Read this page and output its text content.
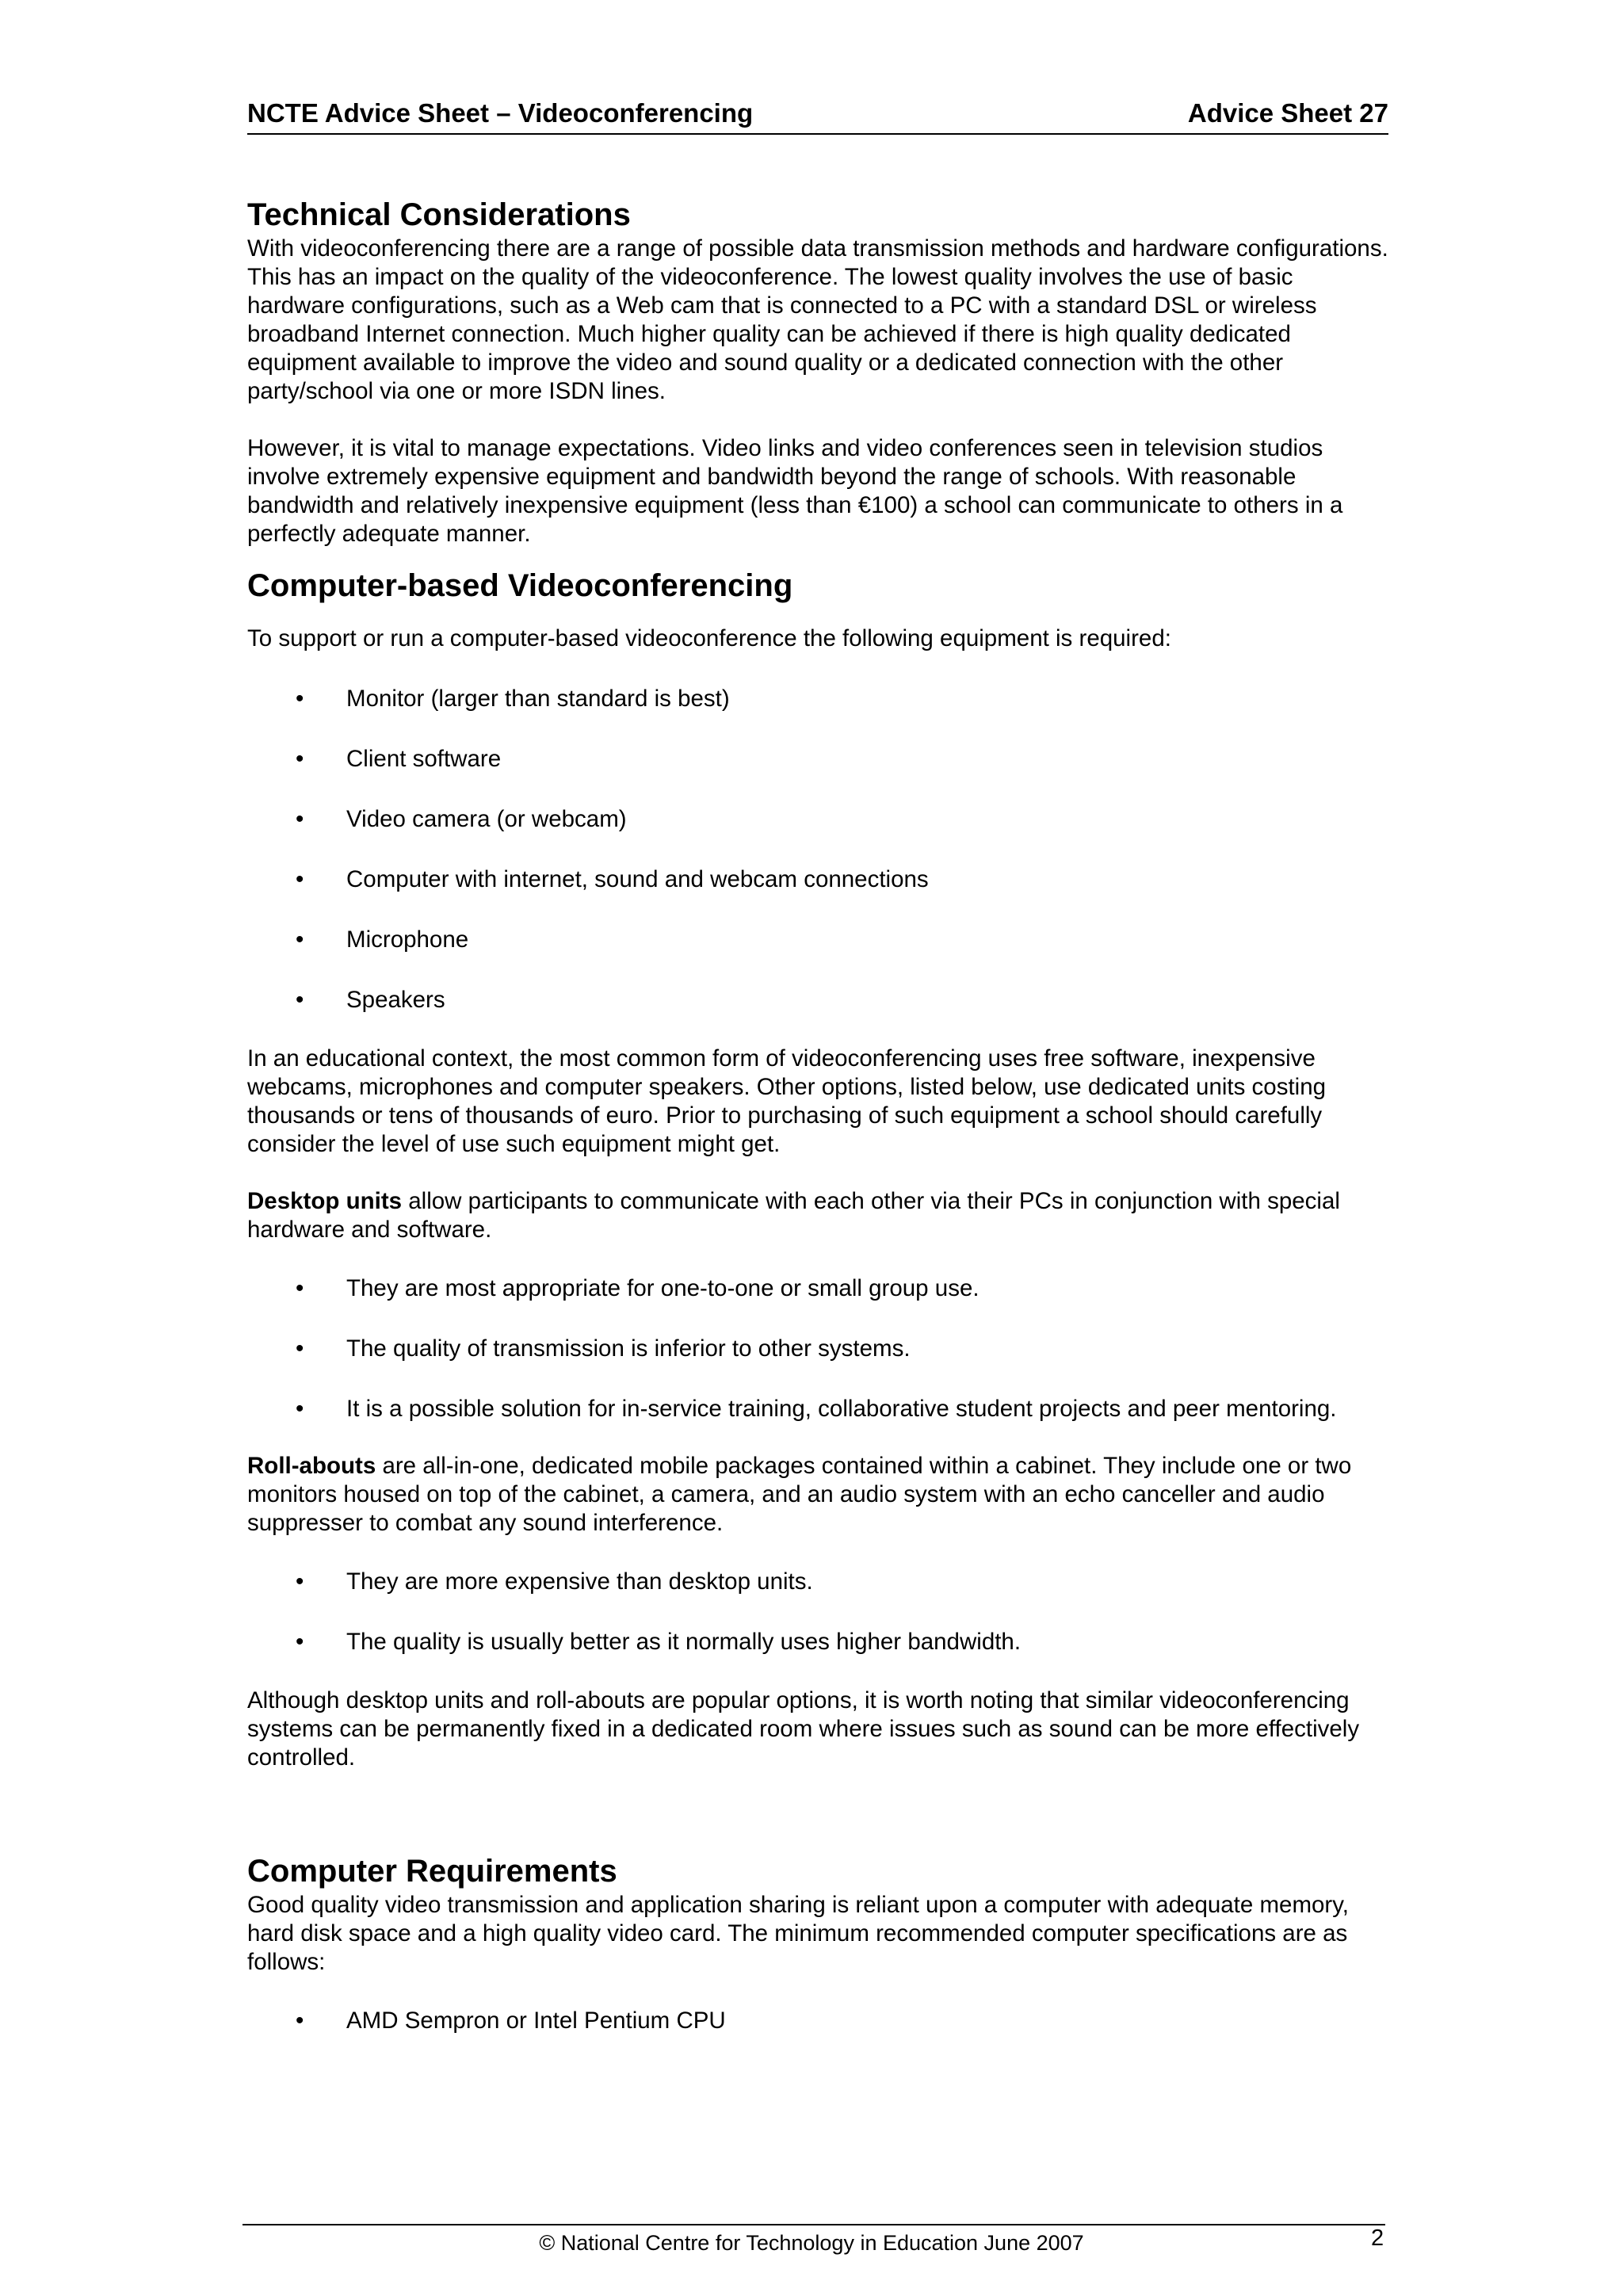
NCTE Advice Sheet – Videoconferencing	Advice Sheet 27
Technical Considerations

With videoconferencing there are a range of possible data transmission methods and hardware configurations. This has an impact on the quality of the videoconference. The lowest quality involves the use of basic hardware configurations, such as a Web cam that is connected to a PC with a standard DSL or wireless broadband Internet connection. Much higher quality can be achieved if there is high quality dedicated equipment available to improve the video and sound quality or a dedicated connection with the other party/school via one or more ISDN lines.

However, it is vital to manage expectations. Video links and video conferences seen in television studios involve extremely expensive equipment and bandwidth beyond the range of schools. With reasonable bandwidth and relatively inexpensive equipment (less than €100) a school can communicate to others in a perfectly adequate manner.

Computer-based Videoconferencing

To support or run a computer-based videoconference the following equipment is required:

• Monitor (larger than standard is best)
• Client software
• Video camera (or webcam)
• Computer with internet, sound and webcam connections
• Microphone
• Speakers

In an educational context, the most common form of videoconferencing uses free software, inexpensive webcams, microphones and computer speakers. Other options, listed below, use dedicated units costing thousands or tens of thousands of euro. Prior to purchasing of such equipment a school should carefully consider the level of use such equipment might get.

Desktop units allow participants to communicate with each other via their PCs in conjunction with special hardware and software.

• They are most appropriate for one-to-one or small group use.
• The quality of transmission is inferior to other systems.
• It is a possible solution for in-service training, collaborative student projects and peer mentoring.

Roll-abouts are all-in-one, dedicated mobile packages contained within a cabinet. They include one or two monitors housed on top of the cabinet, a camera, and an audio system with an echo canceller and audio suppresser to combat any sound interference.

• They are more expensive than desktop units.
• The quality is usually better as it normally uses higher bandwidth.

Although desktop units and roll-abouts are popular options, it is worth noting that similar videoconferencing systems can be permanently fixed in a dedicated room where issues such as sound can be more effectively controlled.

Computer Requirements

Good quality video transmission and application sharing is reliant upon a computer with adequate memory, hard disk space and a high quality video card. The minimum recommended computer specifications are as follows:

• AMD Sempron or Intel Pentium CPU
© National Centre for Technology in Education June 2007	2
